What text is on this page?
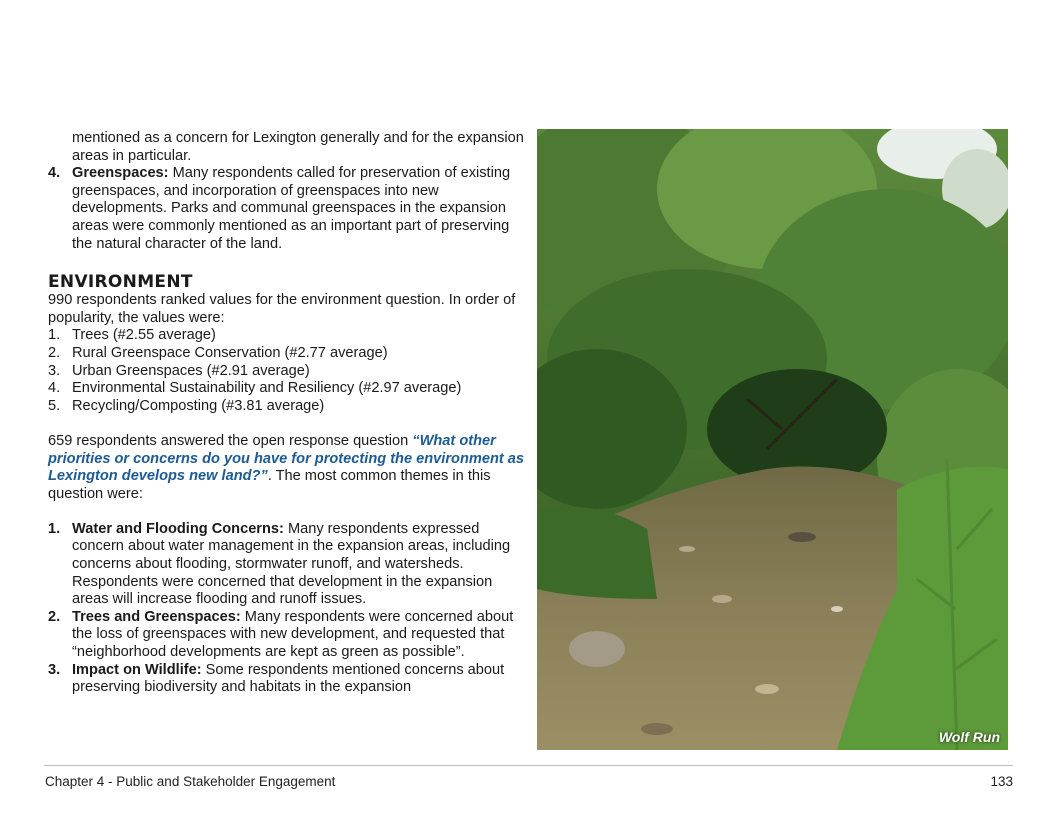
mentioned as a concern for Lexington generally and for the expansion areas in particular.
4. Greenspaces: Many respondents called for preservation of existing greenspaces, and incorporation of greenspaces into new developments. Parks and communal greenspaces in the expansion areas were commonly mentioned as an important part of preserving the natural character of the land.
ENVIRONMENT
990 respondents ranked values for the environment question. In order of popularity, the values were:
1. Trees (#2.55 average)
2. Rural Greenspace Conservation (#2.77 average)
3. Urban Greenspaces (#2.91 average)
4. Environmental Sustainability and Resiliency (#2.97 average)
5. Recycling/Composting (#3.81 average)
659 respondents answered the open response question “What other priorities or concerns do you have for protecting the environment as Lexington develops new land?”. The most common themes in this question were:
1. Water and Flooding Concerns: Many respondents expressed concern about water management in the expansion areas, including concerns about flooding, stormwater runoff, and watersheds. Respondents were concerned that development in the expansion areas will increase flooding and runoff issues.
2. Trees and Greenspaces: Many respondents were concerned about the loss of greenspaces with new development, and requested that “neighborhood developments are kept as green as possible”.
3. Impact on Wildlife: Some respondents mentioned concerns about preserving biodiversity and habitats in the expansion
Wolf Run
Chapter 4 - Public and Stakeholder Engagement	133
